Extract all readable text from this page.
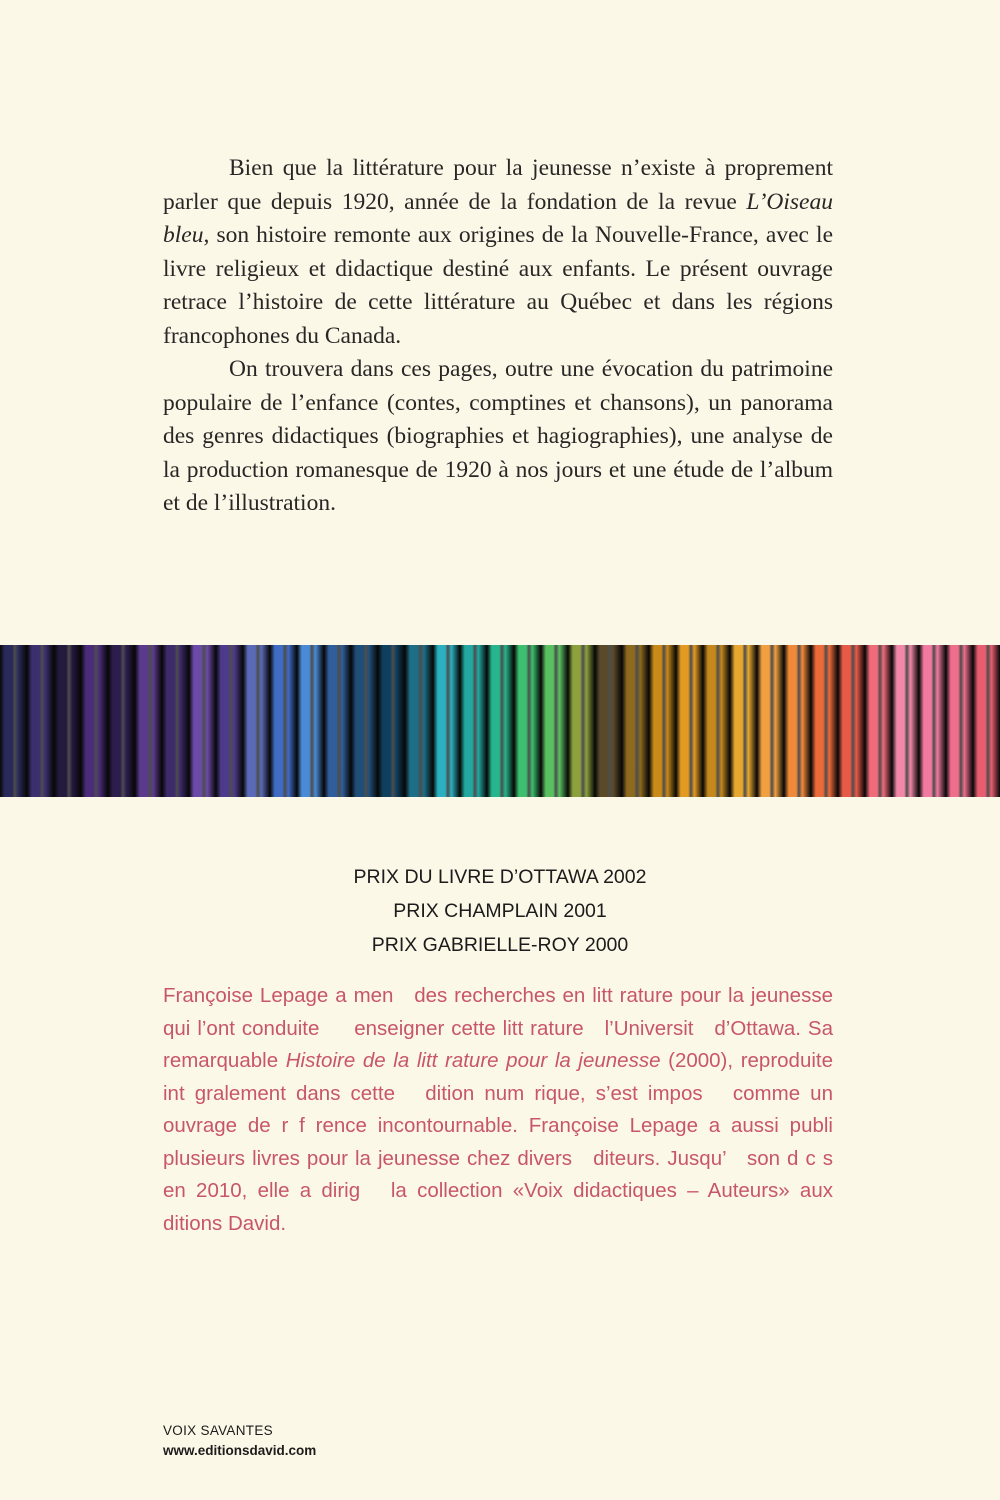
Bien que la littérature pour la jeunesse n’existe à proprement parler que depuis 1920, année de la fondation de la revue L’Oiseau bleu, son histoire remonte aux origines de la Nouvelle-France, avec le livre religieux et didactique destiné aux enfants. Le présent ouvrage retrace l’histoire de cette littérature au Québec et dans les régions francophones du Canada.

On trouvera dans ces pages, outre une évocation du patrimoine populaire de l’enfance (contes, comptines et chansons), un panorama des genres didactiques (biographies et hagiographies), une analyse de la production romanesque de 1920 à nos jours et une étude de l’album et de l’illustration.

PRIX DU LIVRE D’OTTAWA 2002
PRIX CHAMPLAIN 2001
PRIX GABRIELLE-ROY 2000
Françoise Lepage a men   des recherches en litt rature pour la jeunesse qui l’ont conduite     enseigner cette litt rature   l’Universit   d’Ottawa. Sa remarquable Histoire de la litt rature pour la jeunesse (2000), reproduite int gralement dans cette   dition num rique, s’est impos   comme un ouvrage de r f rence incontournable. Françoise Lepage a aussi publi   plusieurs livres pour la jeunesse chez divers   diteurs. Jusqu’   son d c s en 2010, elle a dirig   la collection «Voix didactiques – Auteurs» aux   ditions David.
VOIX SAVANTES
www.editionsdavid.com
